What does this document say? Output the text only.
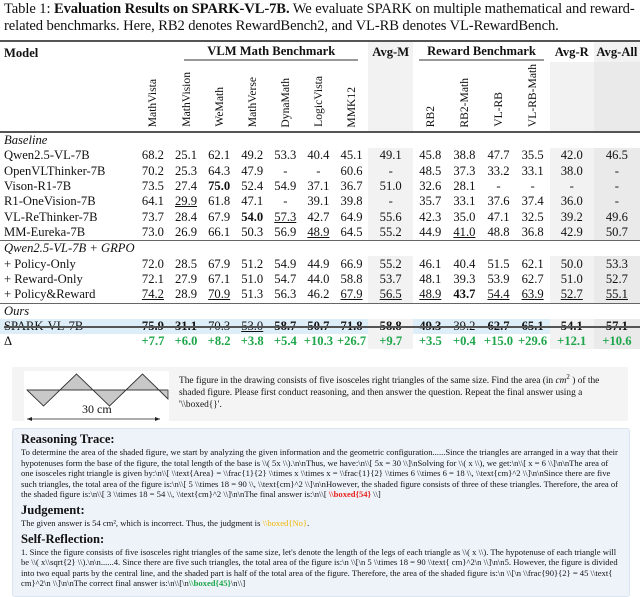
Table 1: Evaluation Results on SPARK-VL-7B. We evaluate SPARK on multiple mathematical and reward-related benchmarks. Here, RB2 denotes RewardBench2, and VL-RB denotes VL-RewardBench.
Model	VLM Math Benchmark							Avg-M	Reward Benchmark				Avg-R	Avg-All
	MathVista	MathVision	WeMath	MathVerse	DynaMath	LogicVista	MMK12		RB2	RB2-Math	VL-RB	VL-RB-Math		
Baseline														
Qwen2.5-VL-7B	68.2	25.1	62.1	49.2	53.3	40.4	45.1	49.1	45.8	38.8	47.7	35.5	42.0	46.5
OpenVLThinker-7B	70.2	25.3	64.3	47.9	-	-	60.6	-	48.5	37.3	33.2	33.1	38.0	-
Vison-R1-7B	73.5	27.4	75.0	52.4	54.9	37.1	36.7	51.0	32.6	28.1	-	-	-	-
R1-OneVision-7B	64.1	29.9	61.8	47.1	-	39.1	39.8	-	35.7	33.1	37.6	37.4	36.0	-
VL-ReThinker-7B	73.7	28.4	67.9	54.0	57.3	42.7	64.9	55.6	42.3	35.0	47.1	32.5	39.2	49.6
MM-Eureka-7B	73.0	26.9	66.1	50.3	56.9	48.9	64.5	55.2	44.9	41.0	48.8	36.8	42.9	50.7
Qwen2.5-VL-7B + GRPO														
+ Policy-Only	72.0	28.5	67.9	51.2	54.9	44.9	66.9	55.2	46.1	40.4	51.5	62.1	50.0	53.3
+ Reward-Only	72.1	27.9	67.1	51.0	54.7	44.0	58.8	53.7	48.1	39.3	53.9	62.7	51.0	52.7
+ Policy&Reward	74.2	28.9	70.9	51.3	56.3	46.2	67.9	56.5	48.9	43.7	54.4	63.9	52.7	55.1
Ours														
SPARK-VL-7B	75.9	31.1	70.3	53.0	58.7	50.7	71.8	58.8	49.3	39.2	62.7	65.1	54.1	57.1
Δ	+7.7	+6.0	+8.2	+3.8	+5.4	+10.3	+26.7	+9.7	+3.5	+0.4	+15.0	+29.6	+12.1	+10.6
30 cm
The figure in the drawing consists of five isosceles right triangles of the same size. Find the area (in $cm^2$ ) of the shaded figure. Please first conduct reasoning, and then answer the question. Repeat the final answer using a '\\boxed{}'.
Reasoning Trace:

To determine the area of the shaded figure, we start by analyzing the given information and the geometric configuration......Since the triangles are arranged in a way that their hypotenuses form the base of the figure, the total length of the base is \\( 5x \\).\n\nThus, we have:\n\\[ 5x = 30 \\]\nSolving for \\( x \\), we get:\n\\[ x = 6 \\]\n\nThe area of one isosceles right triangle is given by:\n\\[ \\text{Area} = \\frac{1}{2} \\times x \\times x = \\frac{1}{2} \\times 6 \\times 6 = 18 \\, \\text{cm}^2 \\]\n\nSince there are five such triangles, the total area of the figure is:\n\\[ 5 \\times 18 = 90 \\, \\text{cm}^2 \\]\n\nHowever, the shaded figure consists of three of these triangles. Therefore, the area of the shaded figure is:\n\\[ 3 \\times 18 = 54 \\, \\text{cm}^2 \\]\n\nThe final answer is:\n\\[ \\boxed{54} \\]

Judgement:

The given answer is 54 cm², which is incorrect. Thus, the judgment is \\boxed{No}.

Self-Reflection:

1. Since the figure consists of five isosceles right triangles of the same size, let's denote the length of the legs of each triangle as \\( x \\). The hypotenuse of each triangle will be \\( x\\sqrt{2} \\).\n\n......4. Since there are five such triangles, the total area of the figure is:\n \\[\n 5 \\times 18 = 90 \\text{ cm}^2\n \\]\n\n5. However, the figure is divided into two equal parts by the central line, and the shaded part is half of the total area of the figure. Therefore, the area of the shaded figure is:\n \\[\n \\frac{90}{2} = 45 \\text{ cm}^2\n \\]\n\nThe correct final answer is:\n\\[\n\\boxed{45}\n\\]
